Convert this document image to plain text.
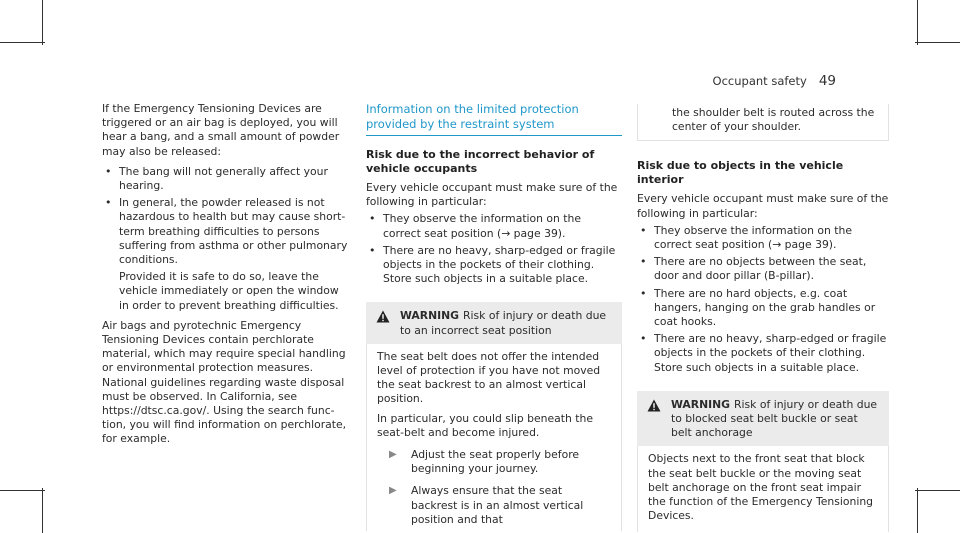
Occupant safety 49

If the Emergency Tensioning Devices are triggered or an air bag is deployed, you will hear a bang, and a small amount of powder may also be released:

• The bang will not generally affect your hearing.
• In general, the powder released is not hazardous to health but may cause short-term breathing difficulties to persons suffering from asthma or other pulmonary conditions.

Provided it is safe to do so, leave the vehicle immediately or open the window in order to prevent breathing difficulties.

Air bags and pyrotechnic Emergency Tensioning Devices contain perchlorate material, which may require special handling or environmental protection measures. National guidelines regarding waste disposal must be observed. In California, see https://dtsc.ca.gov/. Using the search function, you will find information on perchlorate, for example.

Information on the limited protection provided by the restraint system
Risk due to the incorrect behavior of vehicle occupants

Every vehicle occupant must make sure of the following in particular:

• They observe the information on the correct seat position (→ page 39).
• There are no heavy, sharp-edged or fragile objects in the pockets of their clothing. Store such objects in a suitable place.
WARNING Risk of injury or death due to an incorrect seat position

The seat belt does not offer the intended level of protection if you have not moved the seat backrest to an almost vertical position.

In particular, you could slip beneath the seat-belt and become injured.

▶ Adjust the seat properly before beginning your journey.
▶ Always ensure that the seat backrest is in an almost vertical position and that
the shoulder belt is routed across the center of your shoulder.
Risk due to objects in the vehicle interior

Every vehicle occupant must make sure of the following in particular:

• They observe the information on the correct seat position (→ page 39).
• There are no objects between the seat, door and door pillar (B-pillar).
• There are no hard objects, e.g. coat hangers, hanging on the grab handles or coat hooks.
• There are no heavy, sharp-edged or fragile objects in the pockets of their clothing. Store such objects in a suitable place.
WARNING Risk of injury or death due to blocked seat belt buckle or seat belt anchorage

Objects next to the front seat that block the seat belt buckle or the moving seat belt anchorage on the front seat impair the function of the Emergency Tensioning Devices.
